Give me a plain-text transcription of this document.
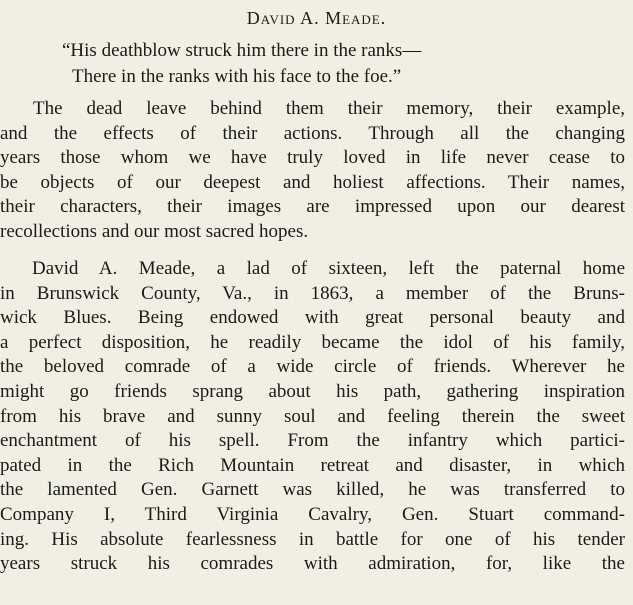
David A. Meade.
“His deathblow struck him there in the ranks—
There in the ranks with his face to the foe.”
The dead leave behind them their memory, their example,
and the effects of their actions. Through all the changing
years those whom we have truly loved in life never cease to
be objects of our deepest and holiest affections. Their names,
their characters, their images are impressed upon our dearest
recollections and our most sacred hopes.
David A. Meade, a lad of sixteen, left the paternal home
in Brunswick County, Va., in 1863, a member of the Bruns-
wick Blues. Being endowed with great personal beauty and
a perfect disposition, he readily became the idol of his family,
the beloved comrade of a wide circle of friends. Wherever he
might go friends sprang about his path, gathering inspiration
from his brave and sunny soul and feeling therein the sweet
enchantment of his spell. From the infantry which partici-
pated in the Rich Mountain retreat and disaster, in which
the lamented Gen. Garnett was killed, he was transferred to
Company I, Third Virginia Cavalry, Gen. Stuart command-
ing. His absolute fearlessness in battle for one of his tender
years struck his comrades with admiration, for, like the
